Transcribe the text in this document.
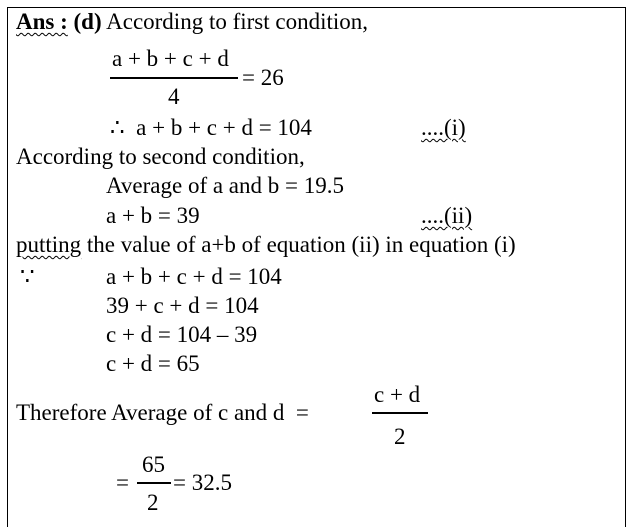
Ans : (d) According to first condition,
a + b + c + d
= 26
4
∴  a + b + c + d = 104	....(i)
According to second condition,
Average of a and b = 19.5
a + b = 39	....(ii)
putting the value of a+b of equation (ii) in equation (i)
∵	a + b + c + d = 104
39 + c + d = 104
c + d = 104 – 39
c + d = 65
Therefore Average of c and d  =
c + d
2
=
65
= 32.5
2
